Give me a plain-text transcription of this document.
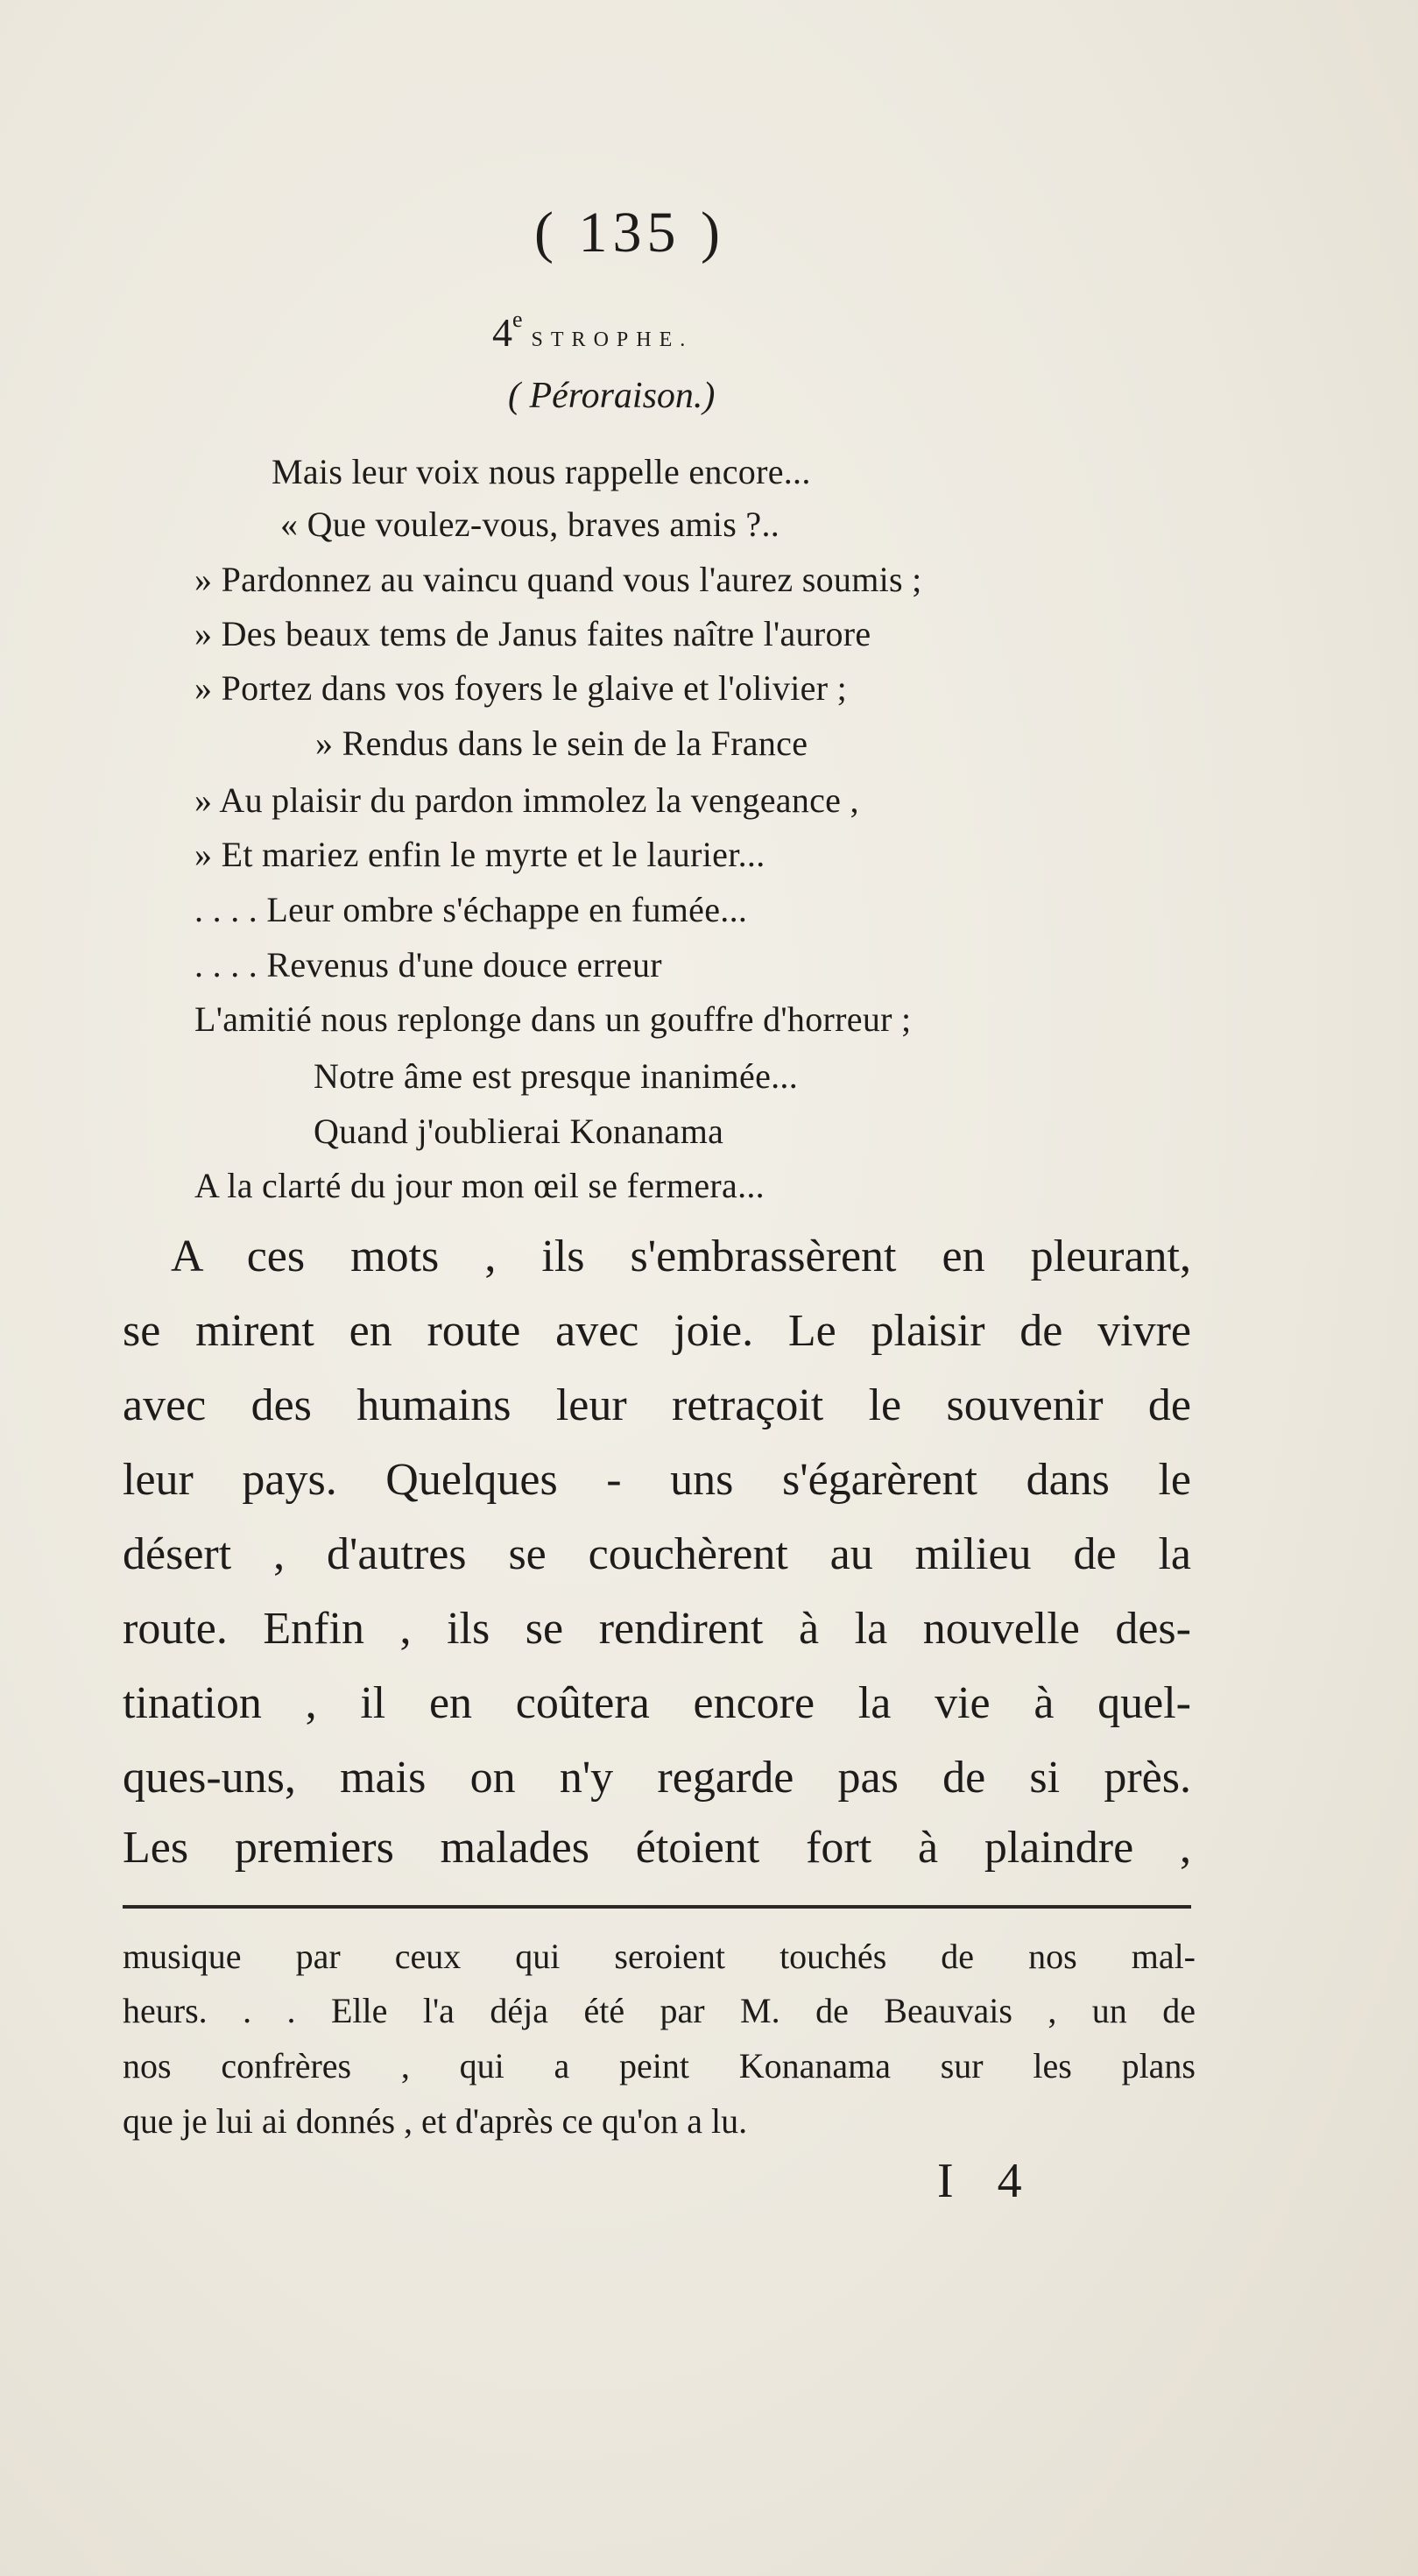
( 135 )
4eSTROPHE.
( Péroraison.)
Mais leur voix nous rappelle encore...
« Que voulez-vous, braves amis ?..
» Pardonnez au vaincu quand vous l'aurez soumis ;
» Des beaux tems de Janus faites naître l'aurore
» Portez dans vos foyers le glaive et l'olivier ;
» Rendus dans le sein de la France
» Au plaisir du pardon immolez la vengeance ,
» Et mariez enfin le myrte et le laurier...
. . . . Leur ombre s'échappe en fumée...
. . . . Revenus d'une douce erreur
L'amitié nous replonge dans un gouffre d'horreur ;
Notre âme est presque inanimée...
Quand j'oublierai Konanama
A la clarté du jour mon œil se fermera...
A ces mots , ils s'embrassèrent en pleurant,
se mirent en route avec joie. Le plaisir de vivre
avec des humains leur retraçoit le souvenir de
leur pays. Quelques - uns s'égarèrent dans le
désert , d'autres se couchèrent au milieu de la
route. Enfin , ils se rendirent à la nouvelle des-
tination , il en coûtera encore la vie à quel-
ques-uns, mais on n'y regarde pas de si près.
Les premiers malades étoient fort à plaindre ,
musique par ceux qui seroient touchés de nos mal-
heurs. . . Elle l'a déja été par M. de Beauvais , un de
nos confrères , qui a peint Konanama sur les plans
que je lui ai donnés , et d'après ce qu'on a lu.
I 4
